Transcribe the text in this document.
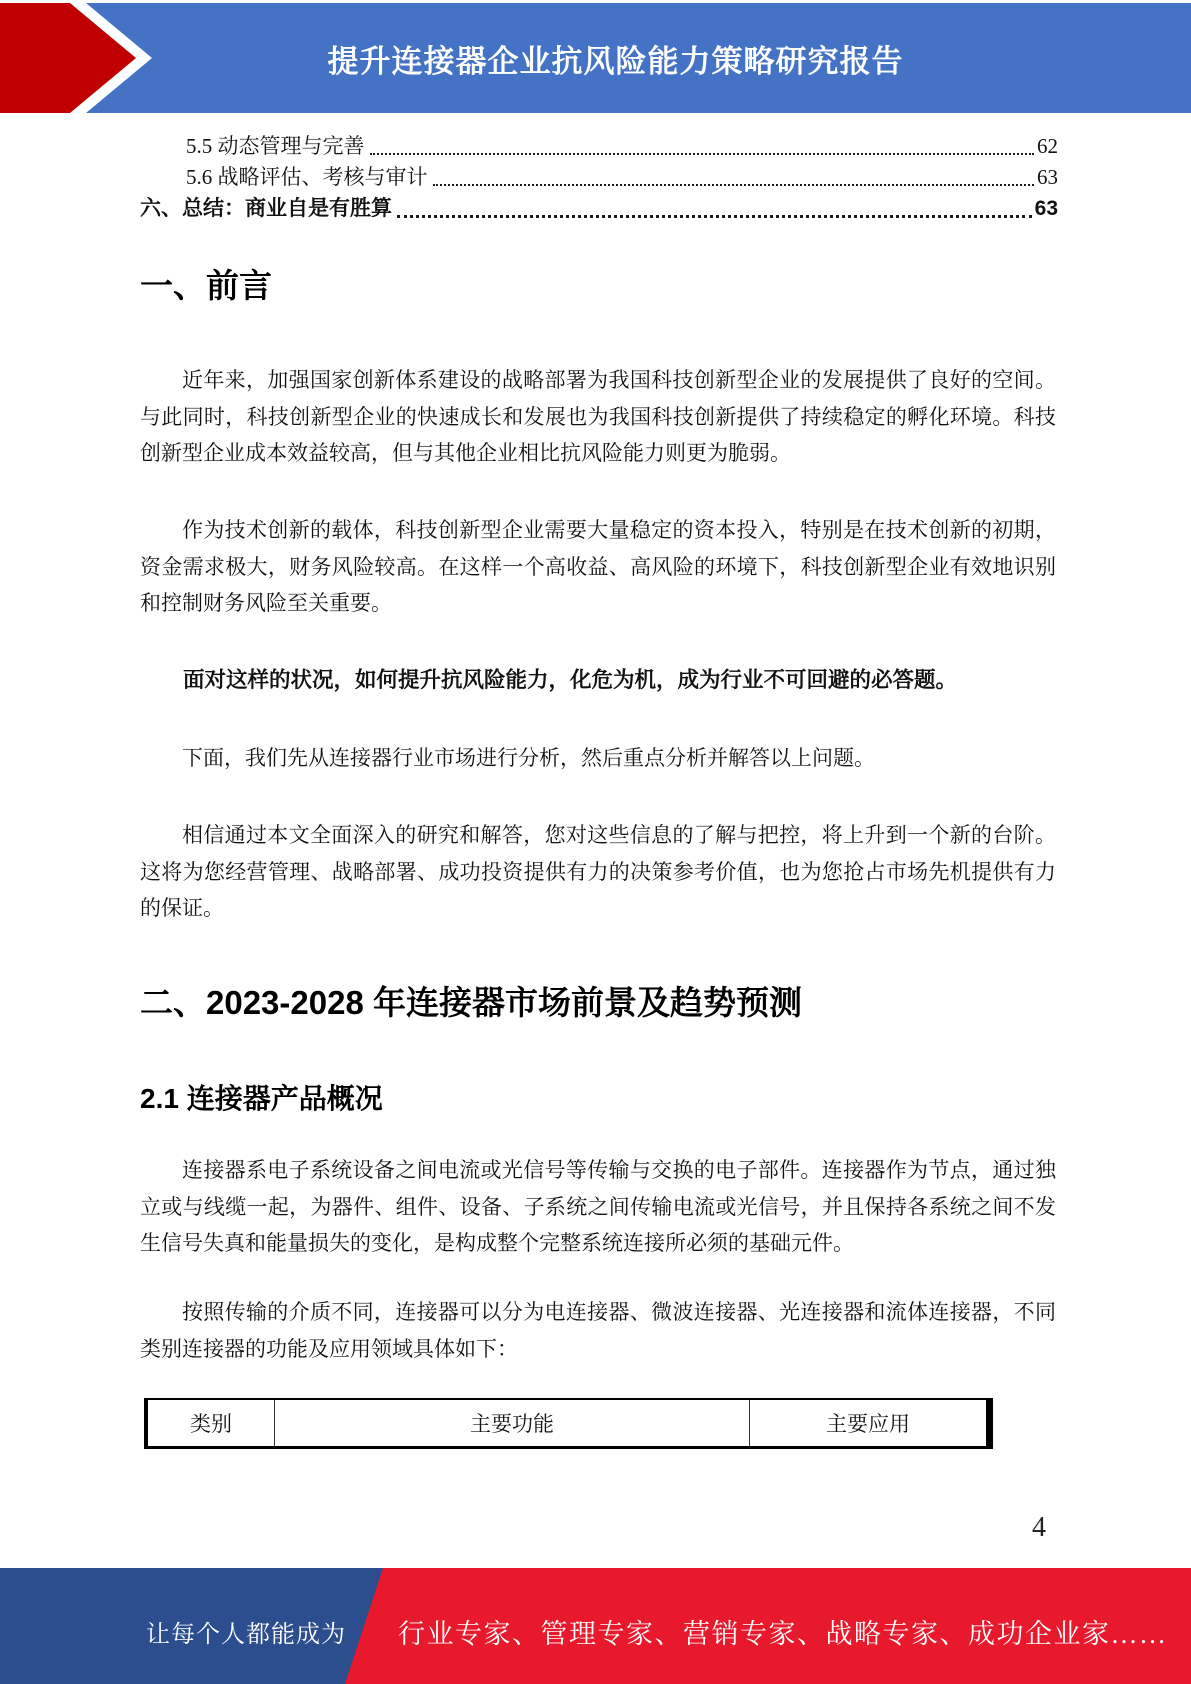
提升连接器企业抗风险能力策略研究报告
5.5 动态管理与完善	62
5.6 战略评估、考核与审计	63
六、总结：商业自是有胜算	63
一、前言
近年来，加强国家创新体系建设的战略部署为我国科技创新型企业的发展提供了良好的空间。与此同时，科技创新型企业的快速成长和发展也为我国科技创新提供了持续稳定的孵化环境。科技创新型企业成本效益较高，但与其他企业相比抗风险能力则更为脆弱。
作为技术创新的载体，科技创新型企业需要大量稳定的资本投入，特别是在技术创新的初期，资金需求极大，财务风险较高。在这样一个高收益、高风险的环境下，科技创新型企业有效地识别和控制财务风险至关重要。
面对这样的状况，如何提升抗风险能力，化危为机，成为行业不可回避的必答题。
下面，我们先从连接器行业市场进行分析，然后重点分析并解答以上问题。
相信通过本文全面深入的研究和解答，您对这些信息的了解与把控，将上升到一个新的台阶。这将为您经营管理、战略部署、成功投资提供有力的决策参考价值，也为您抢占市场先机提供有力的保证。
二、2023-2028 年连接器市场前景及趋势预测
2.1 连接器产品概况
连接器系电子系统设备之间电流或光信号等传输与交换的电子部件。连接器作为节点，通过独立或与线缆一起，为器件、组件、设备、子系统之间传输电流或光信号，并且保持各系统之间不发生信号失真和能量损失的变化，是构成整个完整系统连接所必须的基础元件。
按照传输的介质不同，连接器可以分为电连接器、微波连接器、光连接器和流体连接器，不同类别连接器的功能及应用领域具体如下：
类别	主要功能	主要应用
4
让每个人都能成为 行业专家、管理专家、营销专家、战略专家、成功企业家……
